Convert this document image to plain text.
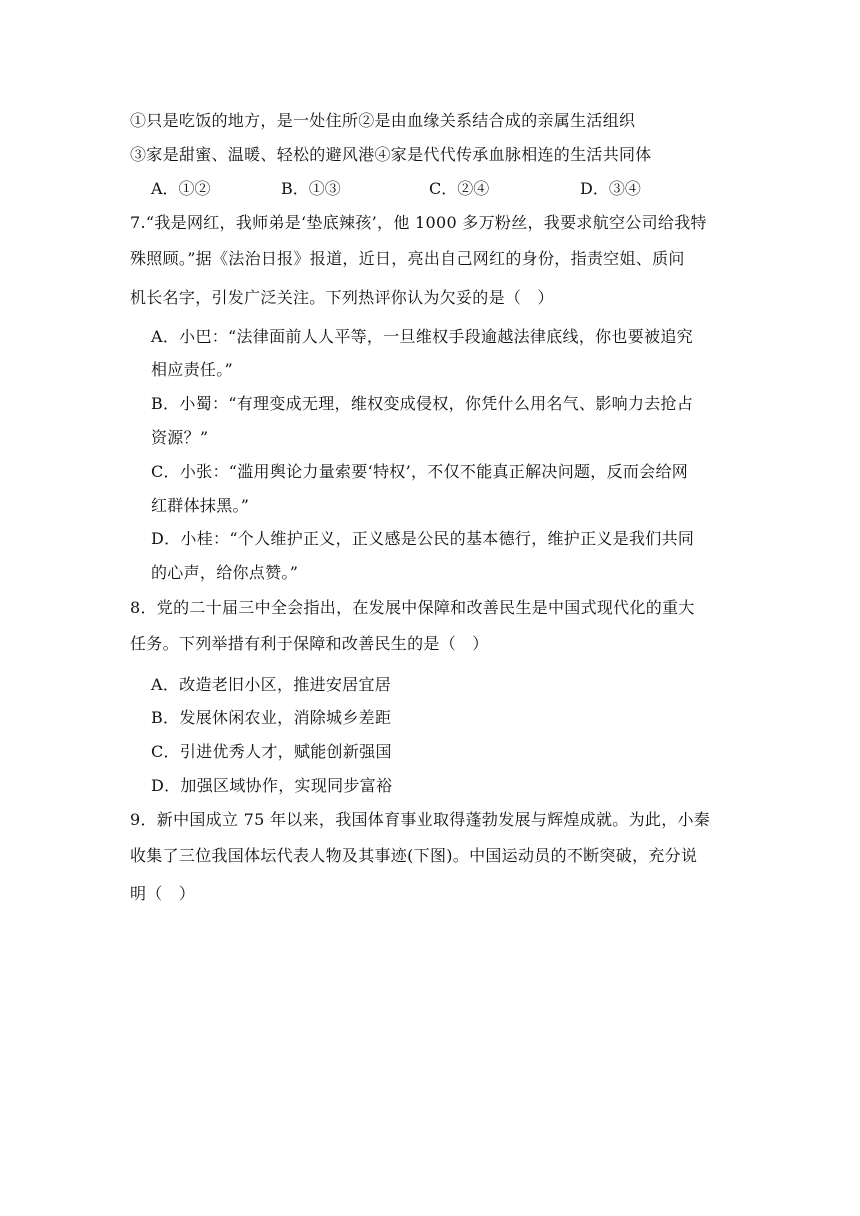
①只是吃饭的地方，是一处住所②是由血缘关系结合成的亲属生活组织
③家是甜蜜、温暖、轻松的避风港④家是代代传承血脉相连的生活共同体
A．①②	B．①③	C．②④	D．③④
7.“我是网红，我师弟是‘垫底辣孩’，他 1000 多万粉丝，我要求航空公司给我特
殊照顾。”据《法治日报》报道，近日，亮出自己网红的身份，指责空姐、质问
机长名字，引发广泛关注。下列热评你认为欠妥的是（　）
A．小巴：“法律面前人人平等，一旦维权手段逾越法律底线，你也要被追究
相应责任。”
B．小蜀：“有理变成无理，维权变成侵权，你凭什么用名气、影响力去抢占
资源？”
C．小张：“滥用舆论力量索要‘特权’，不仅不能真正解决问题，反而会给网
红群体抹黑。”
D．小桂：“个人维护正义，正义感是公民的基本德行，维护正义是我们共同
的心声，给你点赞。”
8．党的二十届三中全会指出，在发展中保障和改善民生是中国式现代化的重大
任务。下列举措有利于保障和改善民生的是（　）
A．改造老旧小区，推进安居宜居
B．发展休闲农业，消除城乡差距
C．引进优秀人才，赋能创新强国
D．加强区域协作，实现同步富裕
9．新中国成立 75 年以来，我国体育事业取得蓬勃发展与辉煌成就。为此，小秦
收集了三位我国体坛代表人物及其事迹(下图)。中国运动员的不断突破，充分说
明（　）
